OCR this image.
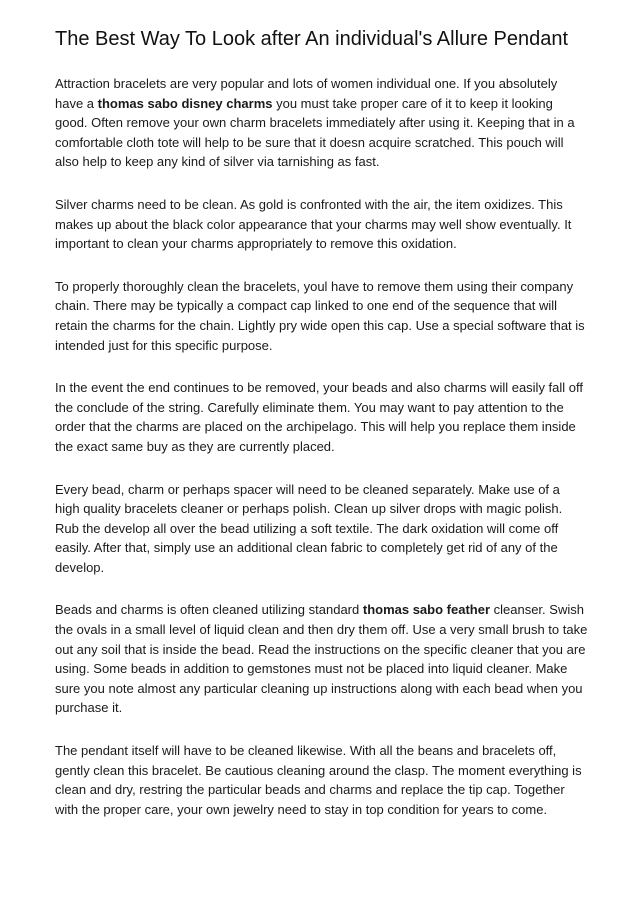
The Best Way To Look after An individual's Allure Pendant

Attraction bracelets are very popular and lots of women individual one. If you absolutely have a thomas sabo disney charms you must take proper care of it to keep it looking good. Often remove your own charm bracelets immediately after using it. Keeping that in a comfortable cloth tote will help to be sure that it doesn acquire scratched. This pouch will also help to keep any kind of silver via tarnishing as fast.

Silver charms need to be clean. As gold is confronted with the air, the item oxidizes. This makes up about the black color appearance that your charms may well show eventually. It important to clean your charms appropriately to remove this oxidation.

To properly thoroughly clean the bracelets, youl have to remove them using their company chain. There may be typically a compact cap linked to one end of the sequence that will retain the charms for the chain. Lightly pry wide open this cap. Use a special software that is intended just for this specific purpose.

In the event the end continues to be removed, your beads and also charms will easily fall off the conclude of the string. Carefully eliminate them. You may want to pay attention to the order that the charms are placed on the archipelago. This will help you replace them inside the exact same buy as they are currently placed.

Every bead, charm or perhaps spacer will need to be cleaned separately. Make use of a high quality bracelets cleaner or perhaps polish. Clean up silver drops with magic polish. Rub the develop all over the bead utilizing a soft textile. The dark oxidation will come off easily. After that, simply use an additional clean fabric to completely get rid of any of the develop.

Beads and charms is often cleaned utilizing standard thomas sabo feather cleanser. Swish the ovals in a small level of liquid clean and then dry them off. Use a very small brush to take out any soil that is inside the bead. Read the instructions on the specific cleaner that you are using. Some beads in addition to gemstones must not be placed into liquid cleaner. Make sure you note almost any particular cleaning up instructions along with each bead when you purchase it.

The pendant itself will have to be cleaned likewise. With all the beans and bracelets off, gently clean this bracelet. Be cautious cleaning around the clasp. The moment everything is clean and dry, restring the particular beads and charms and replace the tip cap. Together with the proper care, your own jewelry need to stay in top condition for years to come.
